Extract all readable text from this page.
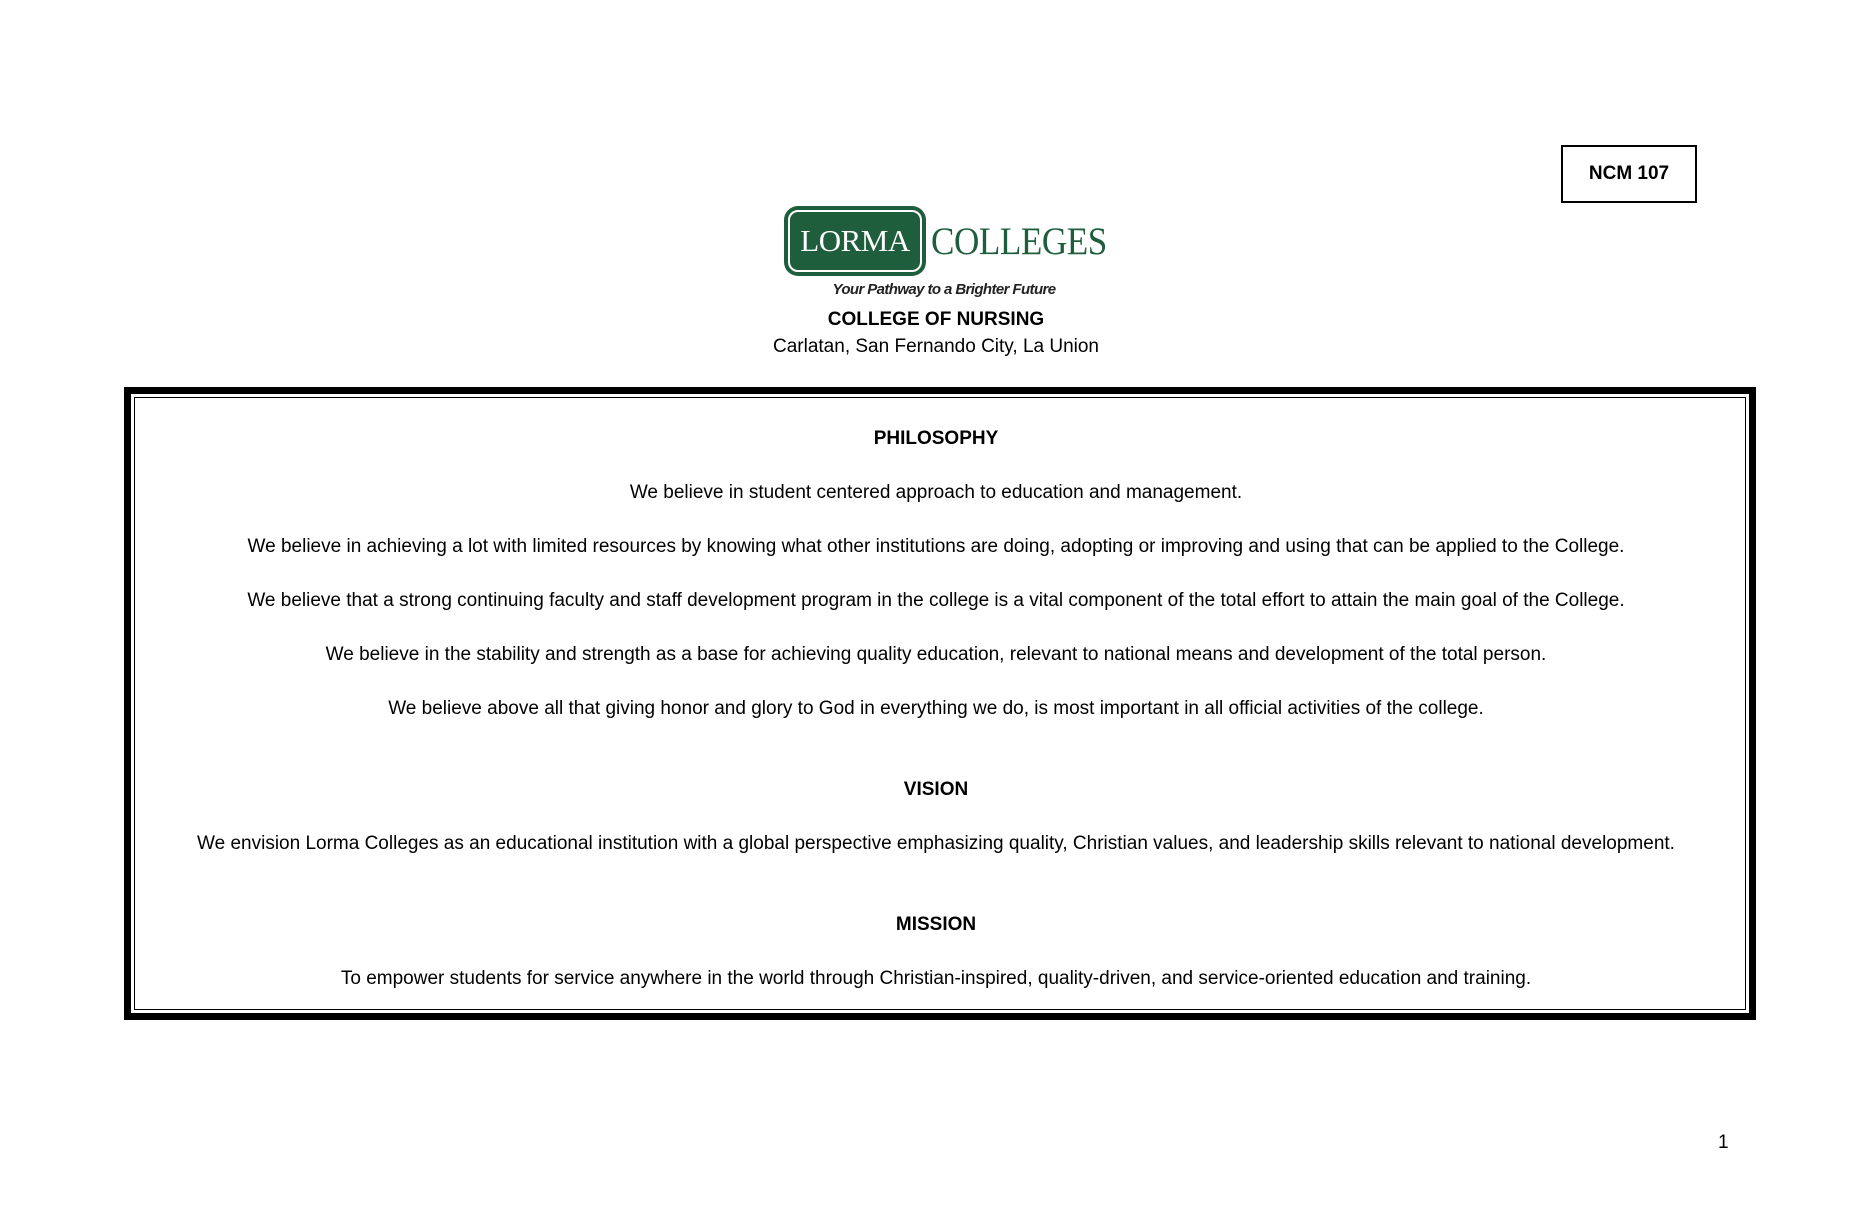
NCM 107
LORMA COLLEGES
Your Pathway to a Brighter Future
COLLEGE OF NURSING
Carlatan, San Fernando City, La Union
PHILOSOPHY
We believe in student centered approach to education and management.
We believe in achieving a lot with limited resources by knowing what other institutions are doing, adopting or improving and using that can be applied to the College.
We believe that a strong continuing faculty and staff development program in the college is a vital component of the total effort to attain the main goal of the College.
We believe in the stability and strength as a base for achieving quality education, relevant to national means and development of the total person.
We believe above all that giving honor and glory to God in everything we do, is most important in all official activities of the college.
VISION
We envision Lorma Colleges as an educational institution with a global perspective emphasizing quality, Christian values, and leadership skills relevant to national development.
MISSION
To empower students for service anywhere in the world through Christian-inspired, quality-driven, and service-oriented education and training.
1
